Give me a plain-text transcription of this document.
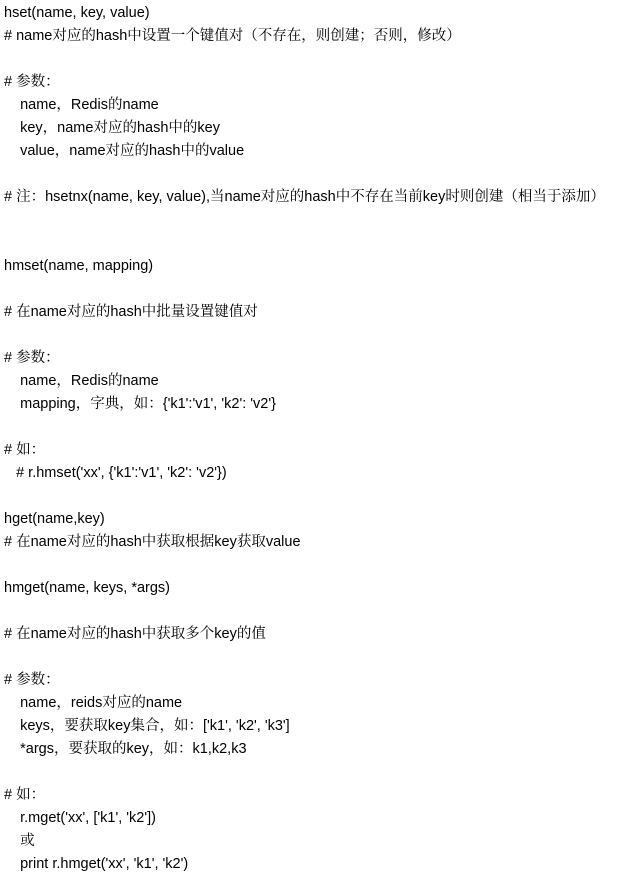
hset(name, key, value)
# name对应的hash中设置一个键值对（不存在，则创建；否则，修改）
# 参数：
name，Redis的name
key，name对应的hash中的key
value，name对应的hash中的value
# 注：hsetnx(name, key, value),当name对应的hash中不存在当前key时则创建（相当于添加）
hmset(name, mapping)
# 在name对应的hash中批量设置键值对
# 参数：
name，Redis的name
mapping，字典，如：{'k1':'v1', 'k2': 'v2'}
# 如：
# r.hmset('xx', {'k1':'v1', 'k2': 'v2'})
hget(name,key)
# 在name对应的hash中获取根据key获取value
hmget(name, keys, *args)
# 在name对应的hash中获取多个key的值
# 参数：
name，reids对应的name
keys，要获取key集合，如：['k1', 'k2', 'k3']
*args，要获取的key，如：k1,k2,k3
# 如：
r.mget('xx', ['k1', 'k2'])
或
print r.hmget('xx', 'k1', 'k2')
